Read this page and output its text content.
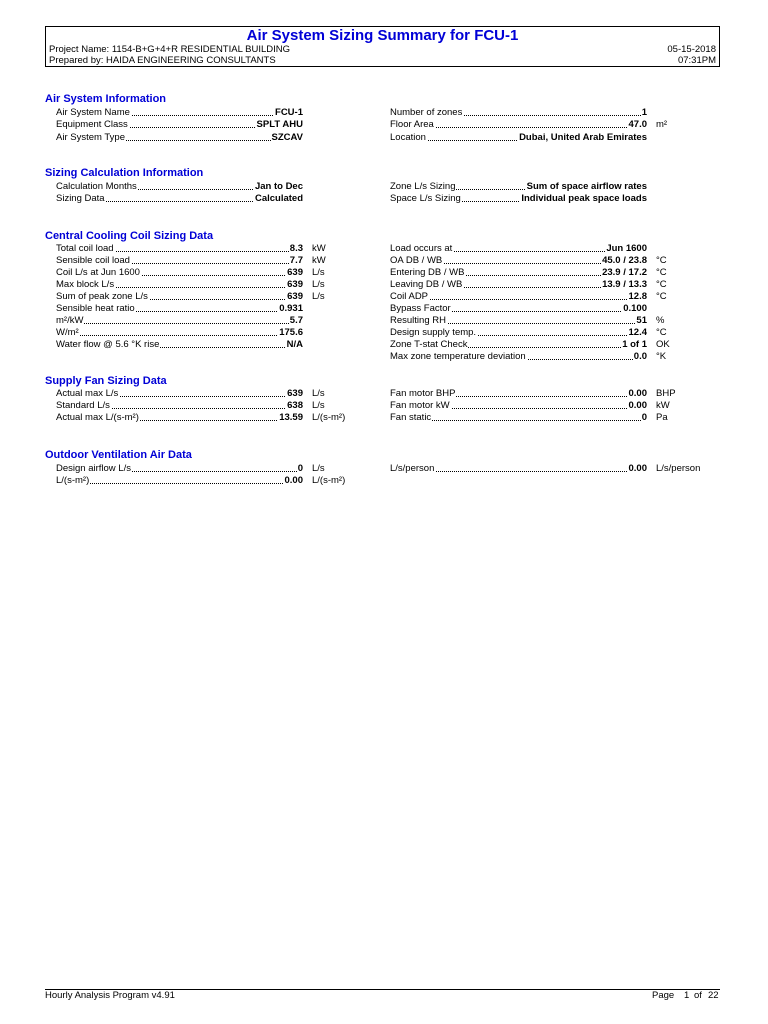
Air System Sizing Summary for FCU-1
Project Name: 1154-B+G+4+R RESIDENTIAL BUILDING
Prepared by: HAIDA ENGINEERING CONSULTANTS
05-15-2018
07:31PM
Air System Information
Sizing Calculation Information
Central Cooling Coil Sizing Data
Supply Fan Sizing Data
Outdoor Ventilation Air Data
Air System Name	FCU-1
Equipment Class	SPLT AHU
Air System Type	SZCAV
Number of zones	1
Floor Area	47.0 m²
Location	Dubai, United Arab Emirates
Calculation Months	Jan to Dec
Sizing Data	Calculated
Zone L/s Sizing	Sum of space airflow rates
Space L/s Sizing	Individual peak space loads
Total coil load	8.3 kW
Sensible coil load	7.7 kW
Coil L/s at Jun 1600	639 L/s
Max block L/s	639 L/s
Sum of peak zone L/s	639 L/s
Sensible heat ratio	0.931
m²/kW	5.7
W/m²	175.6
Water flow @ 5.6 °K rise	N/A
Load occurs at	Jun 1600
OA DB / WB	45.0 / 23.8 °C
Entering DB / WB	23.9 / 17.2 °C
Leaving DB / WB	13.9 / 13.3 °C
Coil ADP	12.8 °C
Bypass Factor	0.100
Resulting RH	51 %
Design supply temp.	12.4 °C
Zone T-stat Check	1 of 1 OK
Max zone temperature deviation	0.0 °K
Actual max L/s	639 L/s
Standard L/s	638 L/s
Actual max L/(s-m²)	13.59 L/(s-m²)
Fan motor BHP	0.00 BHP
Fan motor kW	0.00 kW
Fan static	0 Pa
Design airflow L/s	0 L/s
L/(s-m²)	0.00 L/(s-m²)
L/s/person	0.00 L/s/person
Hourly Analysis Program v4.91	Page 1 of 22
